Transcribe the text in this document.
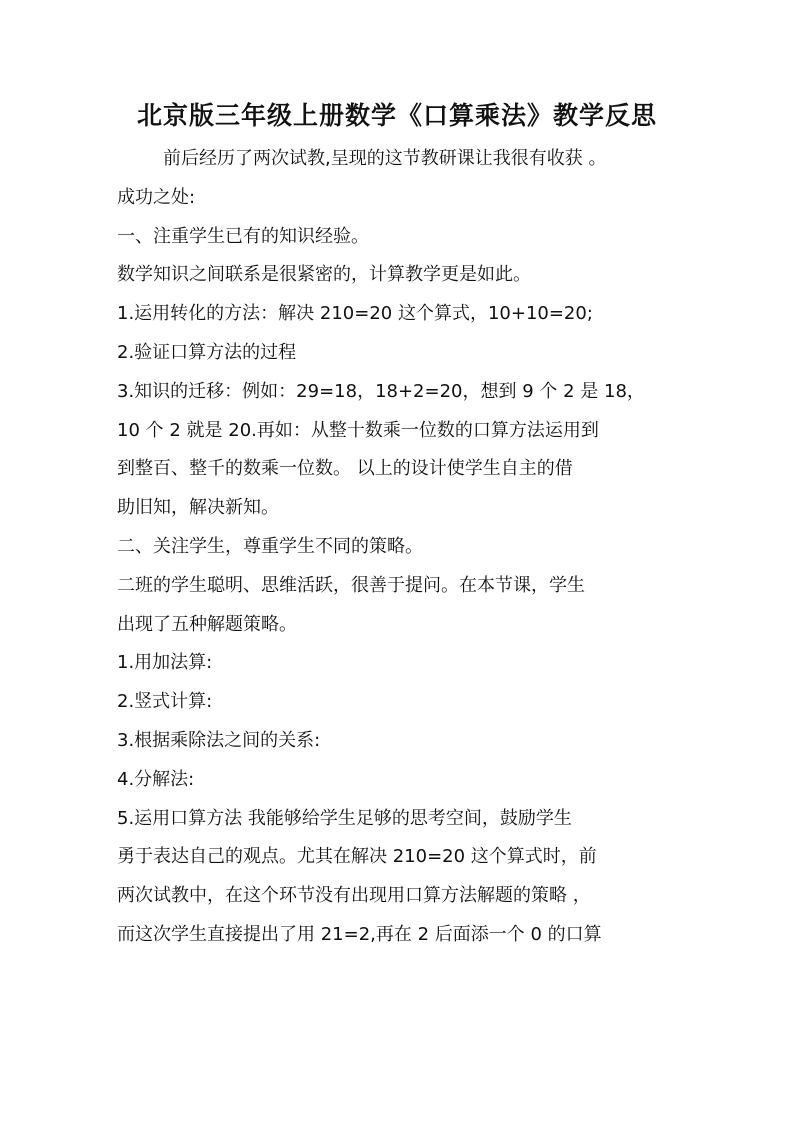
北京版三年级上册数学《口算乘法》教学反思
前后经历了两次试教,呈现的这节教研课让我很有收获 。
成功之处:
一、注重学生已有的知识经验。
数学知识之间联系是很紧密的，计算教学更是如此。
1.运用转化的方法：解决 210=20 这个算式，10+10=20;
2.验证口算方法的过程
3.知识的迁移：例如：29=18，18+2=20，想到 9 个 2 是 18，
10 个 2 就是 20.再如：从整十数乘一位数的口算方法运用到
到整百、整千的数乘一位数。 以上的设计使学生自主的借
助旧知，解决新知。
二、关注学生，尊重学生不同的策略。
二班的学生聪明、思维活跃，很善于提问。在本节课，学生
出现了五种解题策略。
1.用加法算:
2.竖式计算:
3.根据乘除法之间的关系:
4.分解法:
5.运用口算方法 我能够给学生足够的思考空间，鼓励学生
勇于表达自己的观点。尤其在解决 210=20 这个算式时，前
两次试教中，在这个环节没有出现用口算方法解题的策略 ，
而这次学生直接提出了用 21=2,再在 2 后面添一个 0 的口算
